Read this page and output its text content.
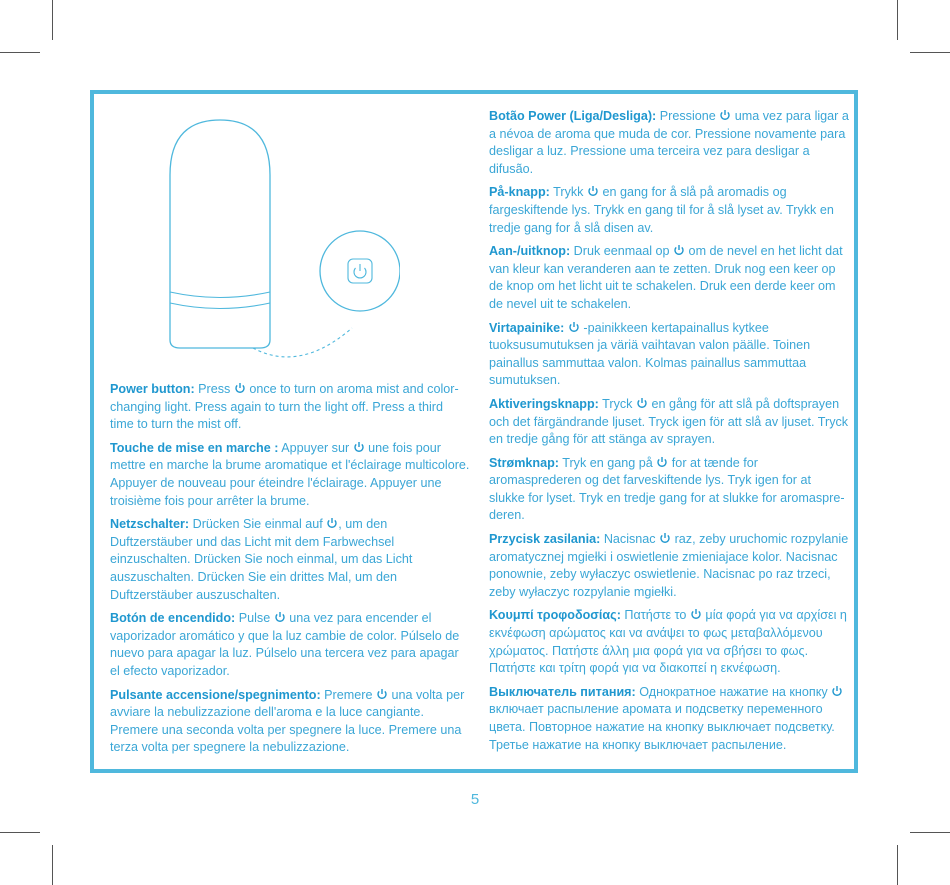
Power button: Press
once to turn on aroma mist and color-changing light. Press again to turn the light off. Press a third time to turn the mist off.

Touche de mise en marche : Appuyer sur
une fois pour mettre en marche la brume aromatique et l'éclairage multicolore. Appuyer de nouveau pour éteindre l'éclairage. Appuyer une troisième fois pour arrêter la brume.

Netzschalter: Drücken Sie einmal auf
, um den Duftzerstäuber und das Licht mit dem Farbwechsel einzuschalten. Drücken Sie noch einmal, um das Licht auszuschalten. Drücken Sie ein drittes Mal, um den Duftzerstäuber auszuschalten.

Botón de encendido: Pulse
una vez para encender el vaporizador aromático y que la luz cambie de color. Púlselo de nuevo para apagar la luz. Púlselo una tercera vez para apagar el efecto vaporizador.

Pulsante accensione/spegnimento: Premere
una volta per avviare la nebulizzazione dell'aroma e la luce cangiante. Premere una seconda volta per spegnere la luce. Premere una terza volta per spegnere la nebulizzazione.

Botão Power (Liga/Desliga): Pressione
uma vez para ligar a a névoa de aroma que muda de cor. Pressione novamente para desligar a luz. Pressione uma terceira vez para desligar a difusão.

På-knapp: Trykk
en gang for å slå på aromadis og fargeskiftende lys. Trykk en gang til for å slå lyset av. Trykk en tredje gang for å slå disen av.

Aan-/uitknop: Druk eenmaal op
om de nevel en het licht dat van kleur kan veranderen aan te zetten. Druk nog een keer op de knop om het licht uit te schakelen. Druk een derde keer om de nevel uit te schakelen.

Virtapainike:
-painikkeen kertapainallus kytkee tuoksusumutuksen ja väriä vaihtavan valon päälle. Toinen painallus sammuttaa valon. Kolmas painallus sammuttaa sumutuksen.

Aktiveringsknapp: Tryck
en gång för att slå på doftsprayen och det färgändrande ljuset. Tryck igen för att slå av ljuset. Tryck en tredje gång för att stänga av sprayen.

Strømknap: Tryk en gang på
for at tænde for aromasprederen og det farveskiftende lys. Tryk igen for at slukke for lyset. Tryk en tredje gang for at slukke for aromasprederen.

Przycisk zasilania: Nacisnac
raz, zeby uruchomic rozpylanie aromatycznej mgiełki i oswietlenie zmieniajace kolor. Nacisnac ponownie, zeby wyłaczyc oswietlenie. Nacisnac po raz trzeci, zeby wyłaczyc rozpylanie mgiełki.

Κουμπί τροφοδοσίας: Πατήστε το
μία φορά για να αρχίσει η εκνέφωση αρώματος και να ανάψει το φως μεταβαλλόμενου χρώματος. Πατήστε άλλη μια φορά για να σβήσει το φως. Πατήστε και τρίτη φορά για να διακοπεί η εκνέφωση.

Выключатель питания: Однократное нажатие на кнопку
включает распыление аромата и подсветку переменного цвета. Повторное нажатие на кнопку выключает подсветку. Третье нажатие на кнопку выключает распыление.

5
